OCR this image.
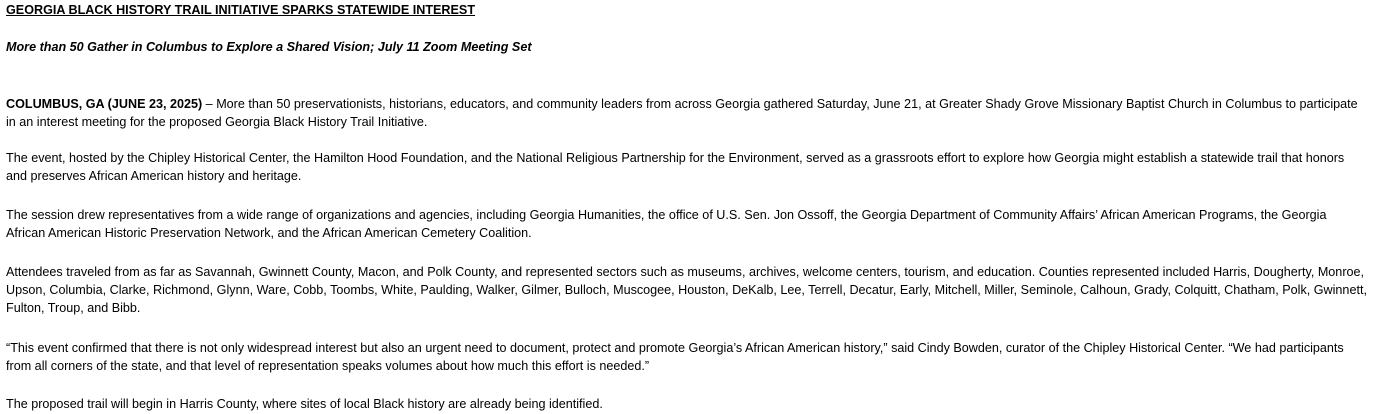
GEORGIA BLACK HISTORY TRAIL INITIATIVE SPARKS STATEWIDE INTEREST
More than 50 Gather in Columbus to Explore a Shared Vision; July 11 Zoom Meeting Set

COLUMBUS, GA (JUNE 23, 2025) – More than 50 preservationists, historians, educators, and community leaders from across Georgia gathered Saturday, June 21, at Greater Shady Grove Missionary Baptist Church in Columbus to participate in an interest meeting for the proposed Georgia Black History Trail Initiative.

The event, hosted by the Chipley Historical Center, the Hamilton Hood Foundation, and the National Religious Partnership for the Environment, served as a grassroots effort to explore how Georgia might establish a statewide trail that honors and preserves African American history and heritage.

The session drew representatives from a wide range of organizations and agencies, including Georgia Humanities, the office of U.S. Sen. Jon Ossoff, the Georgia Department of Community Affairs’ African American Programs, the Georgia African American Historic Preservation Network, and the African American Cemetery Coalition.

Attendees traveled from as far as Savannah, Gwinnett County, Macon, and Polk County, and represented sectors such as museums, archives, welcome centers, tourism, and education. Counties represented included Harris, Dougherty, Monroe, Upson, Columbia, Clarke, Richmond, Glynn, Ware, Cobb, Toombs, White, Paulding, Walker, Gilmer, Bulloch, Muscogee, Houston, DeKalb, Lee, Terrell, Decatur, Early, Mitchell, Miller, Seminole, Calhoun, Grady, Colquitt, Chatham, Polk, Gwinnett, Fulton, Troup, and Bibb.

“This event confirmed that there is not only widespread interest but also an urgent need to document, protect and promote Georgia’s African American history,” said Cindy Bowden, curator of the Chipley Historical Center. “We had participants from all corners of the state, and that level of representation speaks volumes about how much this effort is needed.”

The proposed trail will begin in Harris County, where sites of local Black history are already being identified.
